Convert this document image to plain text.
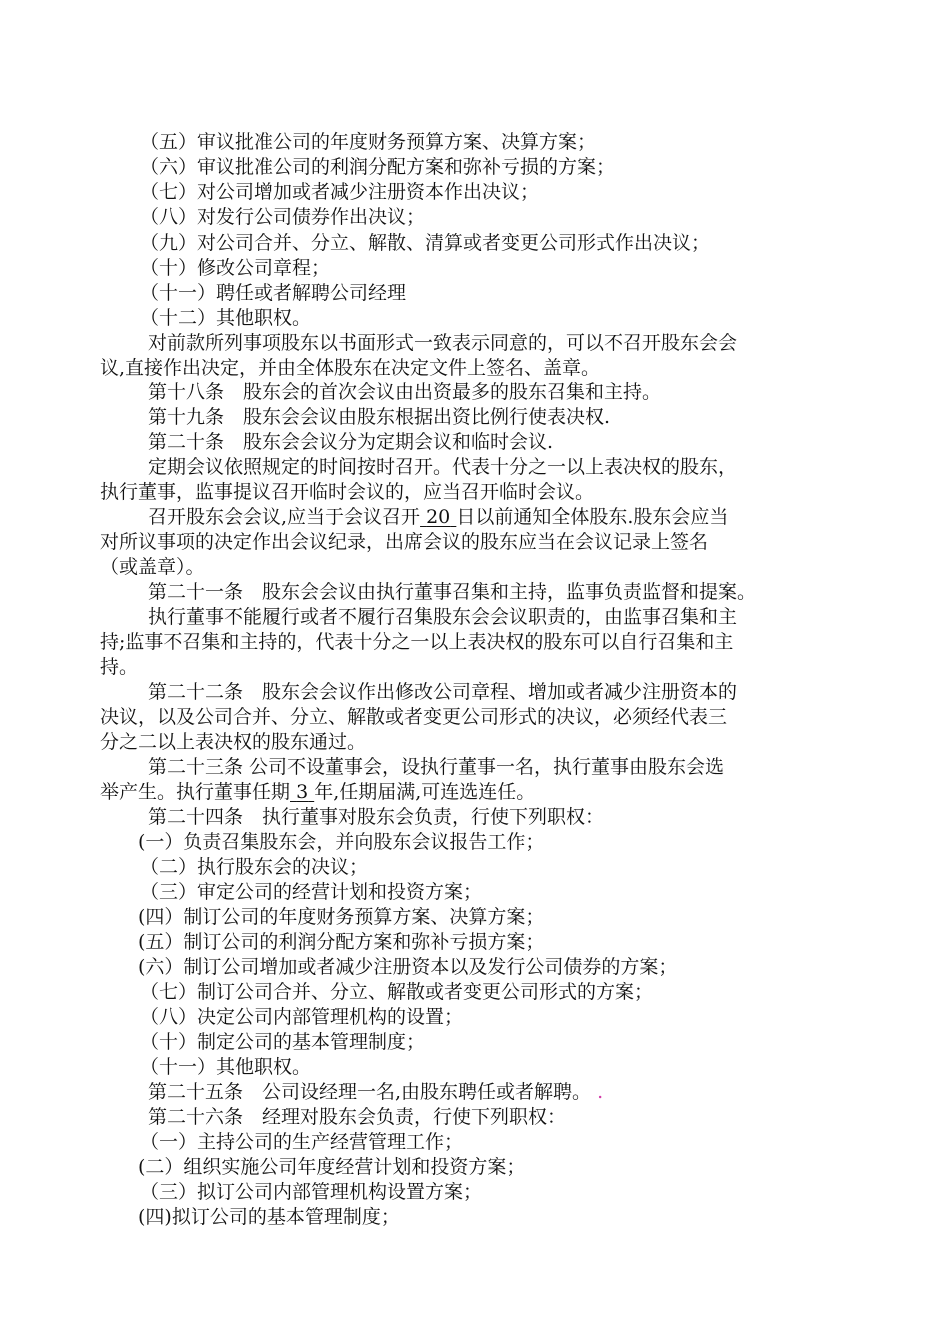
（五）审议批准公司的年度财务预算方案、决算方案；
（六）审议批准公司的利润分配方案和弥补亏损的方案；
（七）对公司增加或者减少注册资本作出决议；
（八）对发行公司债券作出决议；
（九）对公司合并、分立、解散、清算或者变更公司形式作出决议；
（十）修改公司章程；
（十一）聘任或者解聘公司经理
（十二）其他职权。
对前款所列事项股东以书面形式一致表示同意的，可以不召开股东会会
议,直接作出决定，并由全体股东在决定文件上签名、盖章。
第十八条　股东会的首次会议由出资最多的股东召集和主持。
第十九条　股东会会议由股东根据出资比例行使表决权.
第二十条　股东会会议分为定期会议和临时会议.
定期会议依照规定的时间按时召开。代表十分之一以上表决权的股东，
执行董事，监事提议召开临时会议的，应当召开临时会议。
召开股东会会议,应当于会议召开 20 日以前通知全体股东.股东会应当
对所议事项的决定作出会议纪录，出席会议的股东应当在会议记录上签名
（或盖章）。
第二十一条　股东会会议由执行董事召集和主持，监事负责监督和提案。
执行董事不能履行或者不履行召集股东会会议职责的，由监事召集和主
持;监事不召集和主持的，代表十分之一以上表决权的股东可以自行召集和主
持。
第二十二条　股东会会议作出修改公司章程、增加或者减少注册资本的
决议，以及公司合并、分立、解散或者变更公司形式的决议，必须经代表三
分之二以上表决权的股东通过。
第二十三条 公司不设董事会，设执行董事一名，执行董事由股东会选
举产生。执行董事任期 3 年,任期届满,可连选连任。
第二十四条　执行董事对股东会负责，行使下列职权：
(一）负责召集股东会，并向股东会议报告工作；
（二）执行股东会的决议；
（三）审定公司的经营计划和投资方案；
(四）制订公司的年度财务预算方案、决算方案；
(五）制订公司的利润分配方案和弥补亏损方案；
(六）制订公司增加或者减少注册资本以及发行公司债券的方案；
（七）制订公司合并、分立、解散或者变更公司形式的方案；
（八）决定公司内部管理机构的设置；
（十）制定公司的基本管理制度；
（十一）其他职权。
第二十五条　公司设经理一名,由股东聘任或者解聘。 .
第二十六条　经理对股东会负责，行使下列职权：
（一）主持公司的生产经营管理工作；
(二）组织实施公司年度经营计划和投资方案；
（三）拟订公司内部管理机构设置方案；
(四)拟订公司的基本管理制度；
